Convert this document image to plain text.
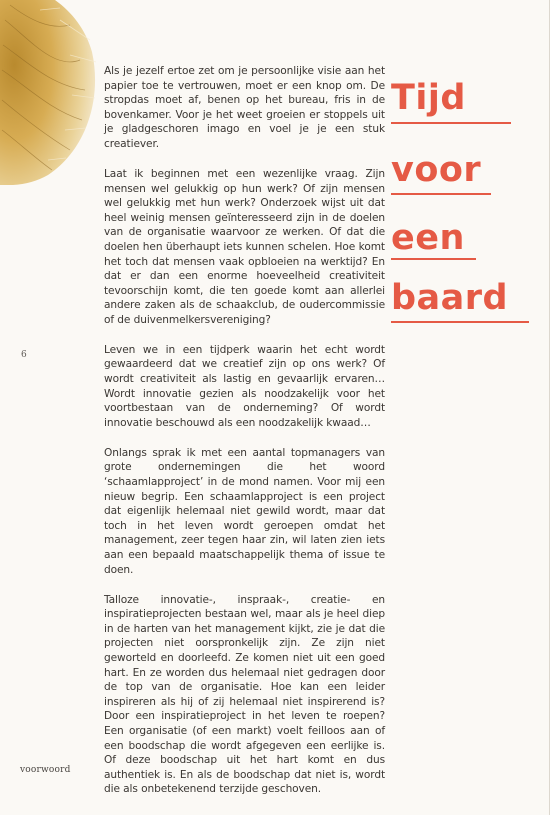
Als je jezelf ertoe zet om je persoonlijke visie aan het papier toe te vertrouwen, moet er een knop om. De stropdas moet af, benen op het bureau, fris in de bovenkamer. Voor je het weet groeien er stoppels uit je gladgeschoren imago en voel je je een stuk creatiever.

Laat ik beginnen met een wezenlijke vraag. Zijn mensen wel gelukkig op hun werk? Of zijn mensen wel gelukkig met hun werk? Onderzoek wijst uit dat heel weinig mensen geïnteresseerd zijn in de doelen van de organisatie waarvoor ze werken. Of dat die doelen hen überhaupt iets kunnen schelen. Hoe komt het toch dat mensen vaak opbloeien na werktijd? En dat er dan een enorme hoeveelheid creativiteit tevoorschijn komt, die ten goede komt aan allerlei andere zaken als de schaakclub, de oudercommissie of de duivenmelkersvereniging?

Leven we in een tijdperk waarin het echt wordt gewaardeerd dat we creatief zijn op ons werk? Of wordt creativiteit als lastig en gevaarlijk ervaren… Wordt innovatie gezien als noodzakelijk voor het voortbestaan van de onderneming? Of wordt innovatie beschouwd als een noodzakelijk kwaad…

Onlangs sprak ik met een aantal topmanagers van grote ondernemingen die het woord ‘schaamlapproject’ in de mond namen. Voor mij een nieuw begrip. Een schaamlapproject is een project dat eigenlijk helemaal niet gewild wordt, maar dat toch in het leven wordt geroepen omdat het management, zeer tegen haar zin, wil laten zien iets aan een bepaald maatschappelijk thema of issue te doen.

Talloze innovatie-, inspraak-, creatie- en inspiratieprojecten bestaan wel, maar als je heel diep in de harten van het management kijkt, zie je dat die projecten niet oorspronkelijk zijn. Ze zijn niet geworteld en doorleefd. Ze komen niet uit een goed hart. En ze worden dus helemaal niet gedragen door de top van de organisatie. Hoe kan een leider inspireren als hij of zij helemaal niet inspirerend is? Door een inspiratieproject in het leven te roepen? Een organisatie (of een markt) voelt feilloos aan of een boodschap die wordt afgegeven een eerlijke is. Of deze boodschap uit het hart komt en dus authentiek is. En als de boodschap dat niet is, wordt die als onbetekenend terzijde geschoven.

Tijd
voor
een
baard
6
voorwoord
